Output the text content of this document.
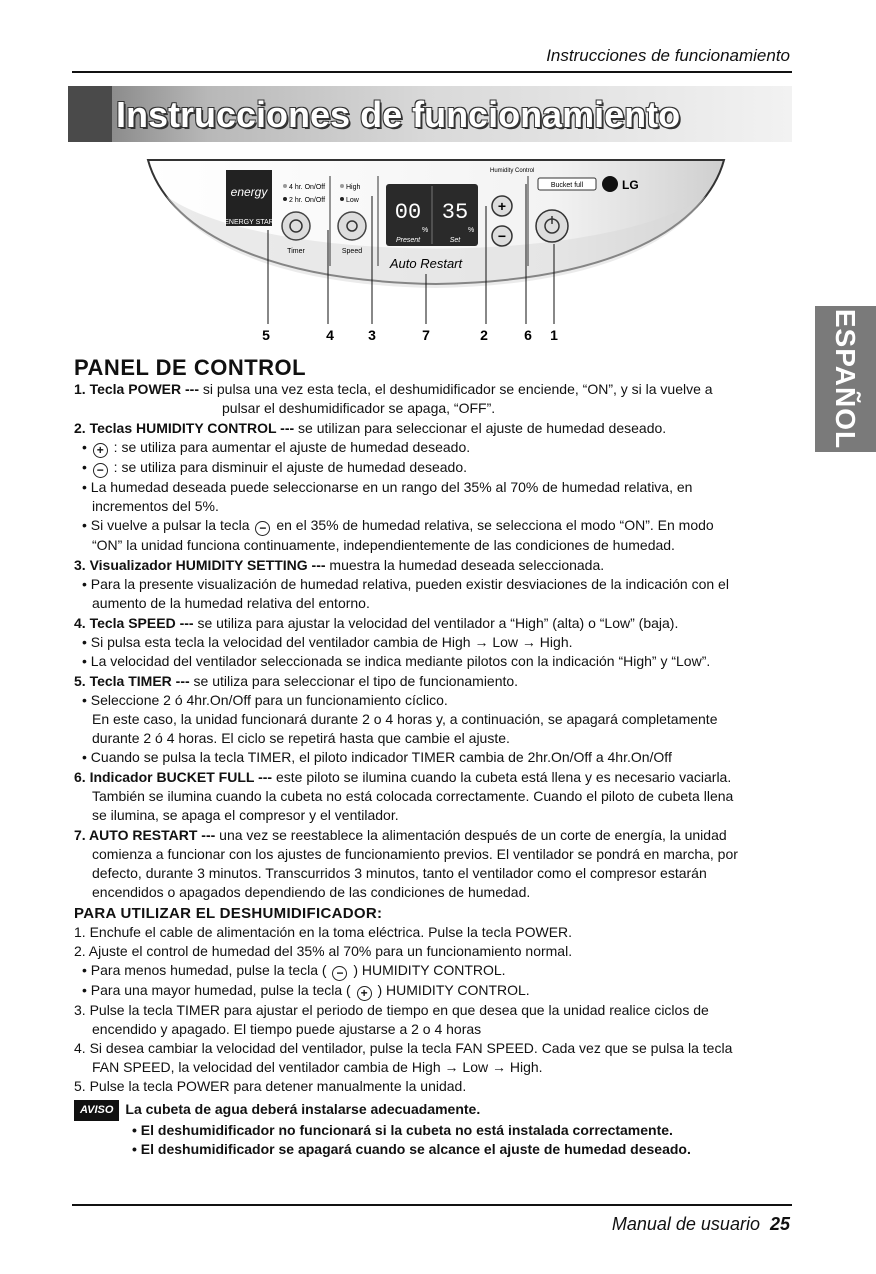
Instrucciones de funcionamiento
Instrucciones de funcionamiento
ESPAÑOL
energy
ENERGY STAR
4 hr. On/Off
2 hr. On/Off
Timer
High
Low
Speed
00 35
%	%
Present	Set
Auto Restart
Humidity Control
+
−
Bucket full	LG
5	4 3	7	2	6 1
PANEL DE CONTROL
1. Tecla POWER --- si pulsa una vez esta tecla, el deshumidificador se enciende, “ON”, y si la vuelve a
pulsar el deshumidificador se apaga, “OFF”.
2. Teclas HUMIDITY CONTROL --- se utilizan para seleccionar el ajuste de humedad deseado.
• + : se utiliza para aumentar el ajuste de humedad deseado.
• − : se utiliza para disminuir el ajuste de humedad deseado.
• La humedad deseada puede seleccionarse en un rango del 35% al 70% de humedad relativa, en
incrementos del 5%.
• Si vuelve a pulsar la tecla − en el 35% de humedad relativa, se selecciona el modo “ON”. En modo
“ON” la unidad funciona continuamente, independientemente de las condiciones de humedad.
3. Visualizador HUMIDITY SETTING --- muestra la humedad deseada seleccionada.
• Para la presente visualización de humedad relativa, pueden existir desviaciones de la indicación con el
aumento de la humedad relativa del entorno.
4. Tecla SPEED --- se utiliza para ajustar la velocidad del ventilador a “High” (alta) o “Low” (baja).
• Si pulsa esta tecla la velocidad del ventilador cambia de High → Low → High.
• La velocidad del ventilador seleccionada se indica mediante pilotos con la indicación “High” y “Low”.
5. Tecla TIMER --- se utiliza para seleccionar el tipo de funcionamiento.
• Seleccione 2 ó 4hr.On/Off para un funcionamiento cíclico.
En este caso, la unidad funcionará durante 2 o 4 horas y, a continuación, se apagará completamente
durante 2 ó 4 horas. El ciclo se repetirá hasta que cambie el ajuste.
• Cuando se pulsa la tecla TIMER, el piloto indicador TIMER cambia de 2hr.On/Off a 4hr.On/Off
6. Indicador BUCKET FULL --- este piloto se ilumina cuando la cubeta está llena y es necesario vaciarla.
También se ilumina cuando la cubeta no está colocada correctamente. Cuando el piloto de cubeta llena
se ilumina, se apaga el compresor y el ventilador.
7. AUTO RESTART --- una vez se reestablece la alimentación después de un corte de energía, la unidad
comienza a funcionar con los ajustes de funcionamiento previos. El ventilador se pondrá en marcha, por
defecto, durante 3 minutos. Transcurridos 3 minutos, tanto el ventilador como el compresor estarán
encendidos o apagados dependiendo de las condiciones de humedad.
PARA UTILIZAR EL DESHUMIDIFICADOR:
1. Enchufe el cable de alimentación en la toma eléctrica. Pulse la tecla POWER.
2. Ajuste el control de humedad del 35% al 70% para un funcionamiento normal.
• Para menos humedad, pulse la tecla ( − ) HUMIDITY CONTROL.
• Para una mayor humedad, pulse la tecla ( + ) HUMIDITY CONTROL.
3. Pulse la tecla TIMER para ajustar el periodo de tiempo en que desea que la unidad realice ciclos de
encendido y apagado. El tiempo puede ajustarse a 2 o 4 horas
4. Si desea cambiar la velocidad del ventilador, pulse la tecla FAN SPEED. Cada vez que se pulsa la tecla
FAN SPEED, la velocidad del ventilador cambia de High → Low → High.
5. Pulse la tecla POWER para detener manualmente la unidad.
AVISO La cubeta de agua deberá instalarse adecuadamente.
• El deshumidificador no funcionará si la cubeta no está instalada correctamente.
• El deshumidificador se apagará cuando se alcance el ajuste de humedad deseado.
Manual de usuario 25
